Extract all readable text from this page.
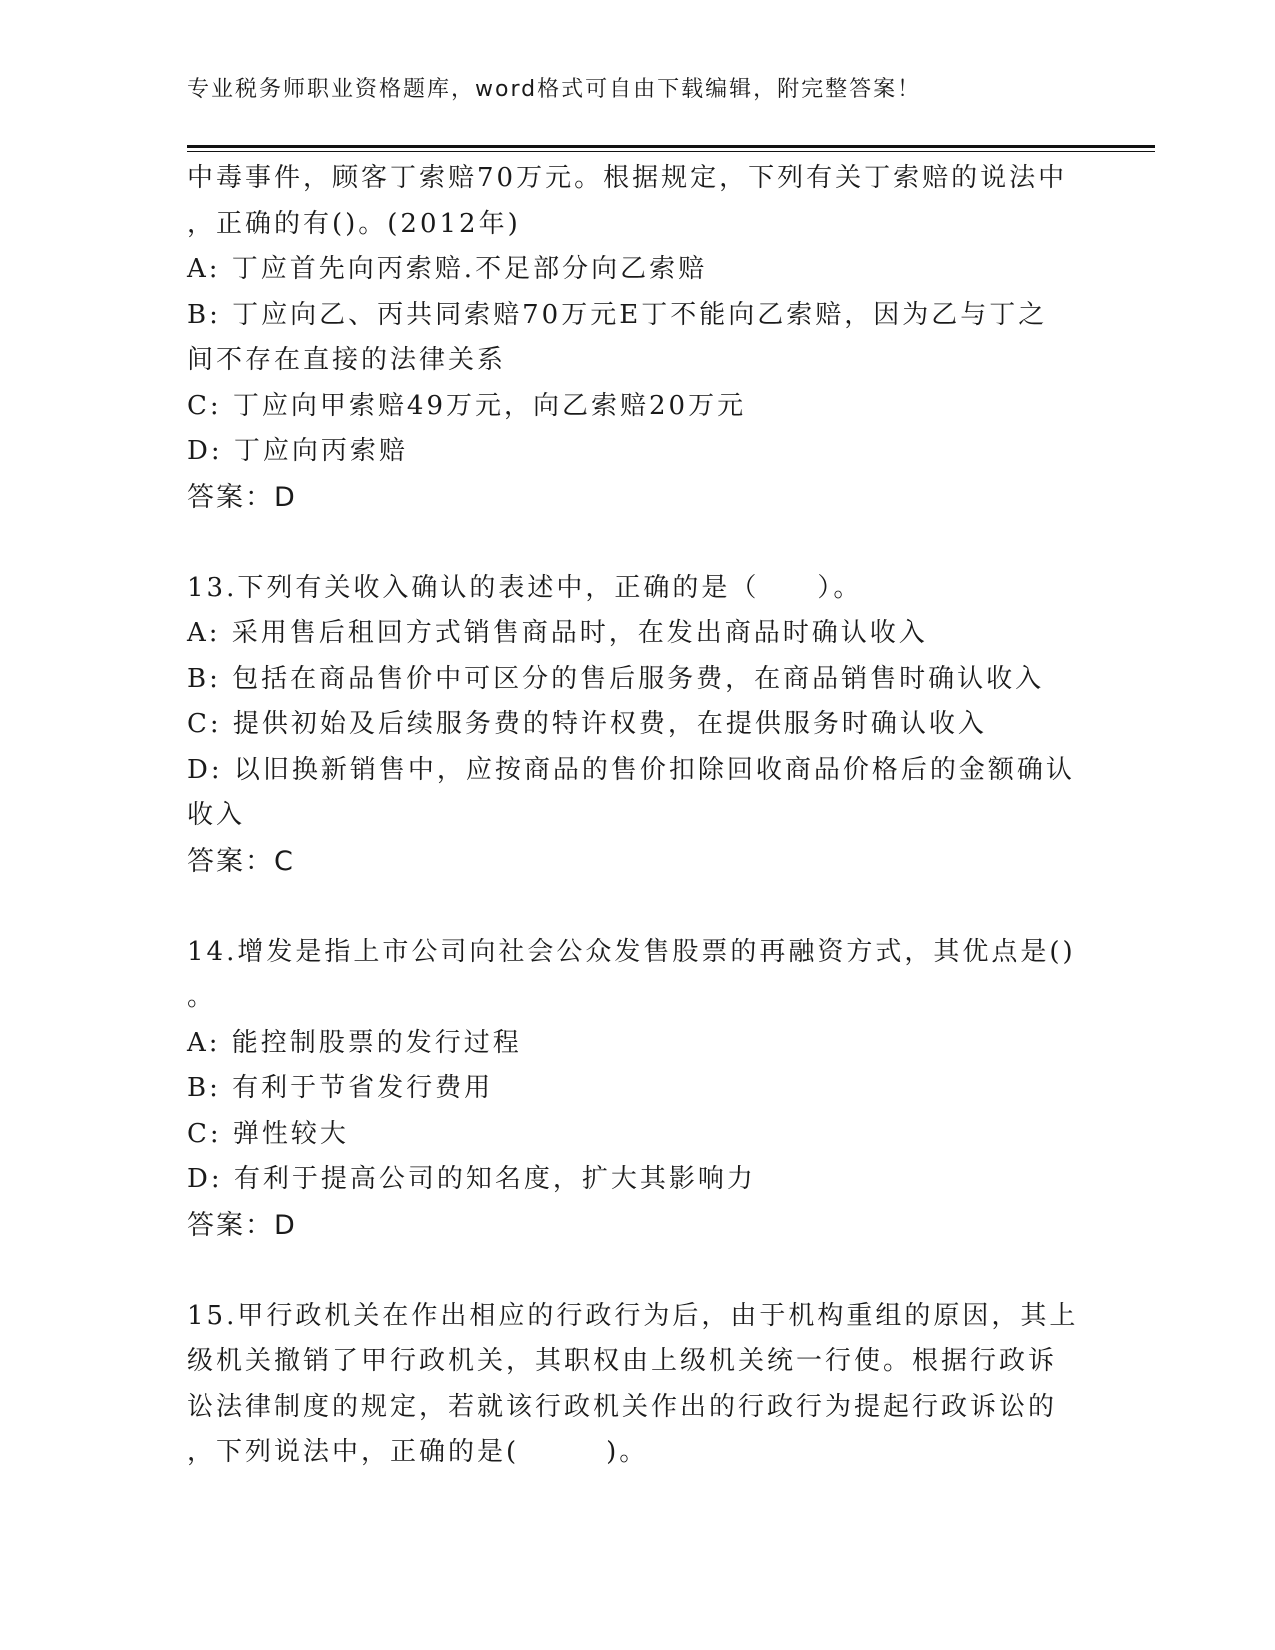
专业税务师职业资格题库，word格式可自由下载编辑，附完整答案！
中毒事件，顾客丁索赔70万元。根据规定，下列有关丁索赔的说法中
，正确的有()。(2012年)
A: 丁应首先向丙索赔.不足部分向乙索赔
B: 丁应向乙、丙共同索赔70万元E丁不能向乙索赔，因为乙与丁之
间不存在直接的法律关系
C: 丁应向甲索赔49万元，向乙索赔20万元
D: 丁应向丙索赔
答案：D
13.下列有关收入确认的表述中，正确的是（　　）。
A: 采用售后租回方式销售商品时，在发出商品时确认收入
B: 包括在商品售价中可区分的售后服务费，在商品销售时确认收入
C: 提供初始及后续服务费的特许权费，在提供服务时确认收入
D: 以旧换新销售中，应按商品的售价扣除回收商品价格后的金额确认
收入
答案：C
14.增发是指上市公司向社会公众发售股票的再融资方式，其优点是()
。
A: 能控制股票的发行过程
B: 有利于节省发行费用
C: 弹性较大
D: 有利于提高公司的知名度，扩大其影响力
答案：D
15.甲行政机关在作出相应的行政行为后，由于机构重组的原因，其上
级机关撤销了甲行政机关，其职权由上级机关统一行使。根据行政诉
讼法律制度的规定，若就该行政机关作出的行政行为提起行政诉讼的
，下列说法中，正确的是(　　　)。
